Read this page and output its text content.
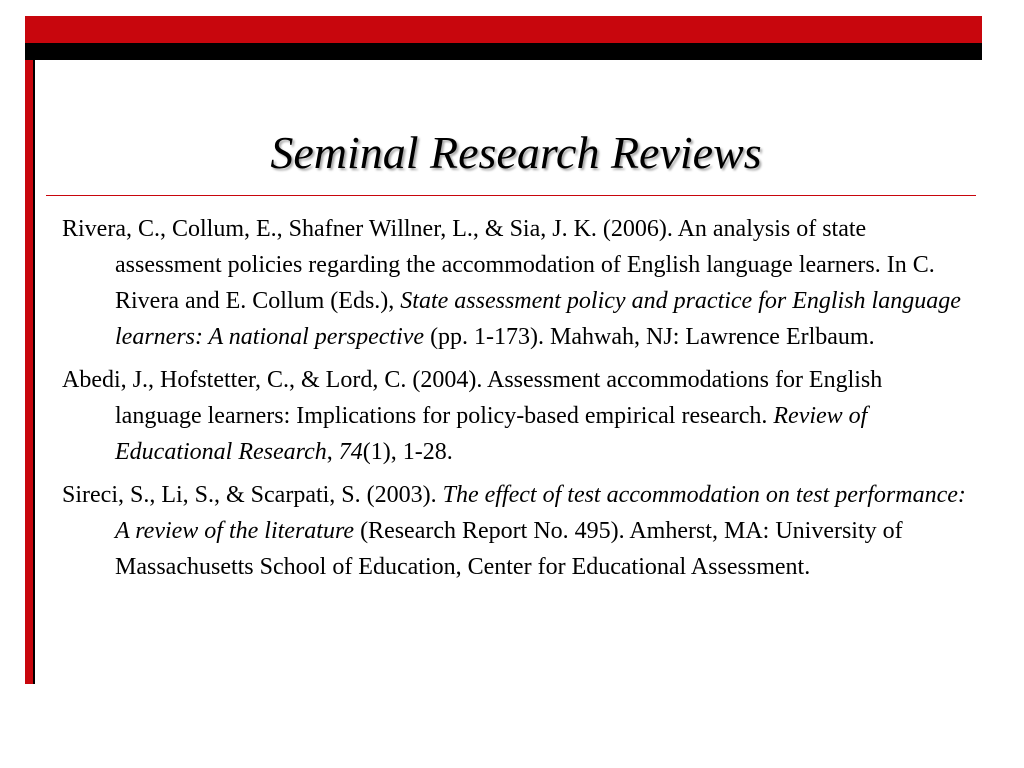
Seminal Research Reviews

Rivera, C., Collum, E., Shafner Willner, L., & Sia, J. K. (2006). An analysis of state assessment policies regarding the accommodation of English language learners. In C. Rivera and E. Collum (Eds.), State assessment policy and practice for English language learners: A national perspective (pp. 1-173). Mahwah, NJ: Lawrence Erlbaum.

Abedi, J., Hofstetter, C., & Lord, C. (2004). Assessment accommodations for English language learners: Implications for policy-based empirical research. Review of Educational Research, 74(1), 1-28.

Sireci, S., Li, S., & Scarpati, S. (2003). The effect of test accommodation on test performance: A review of the literature (Research Report No. 495). Amherst, MA: University of Massachusetts School of Education, Center for Educational Assessment.
